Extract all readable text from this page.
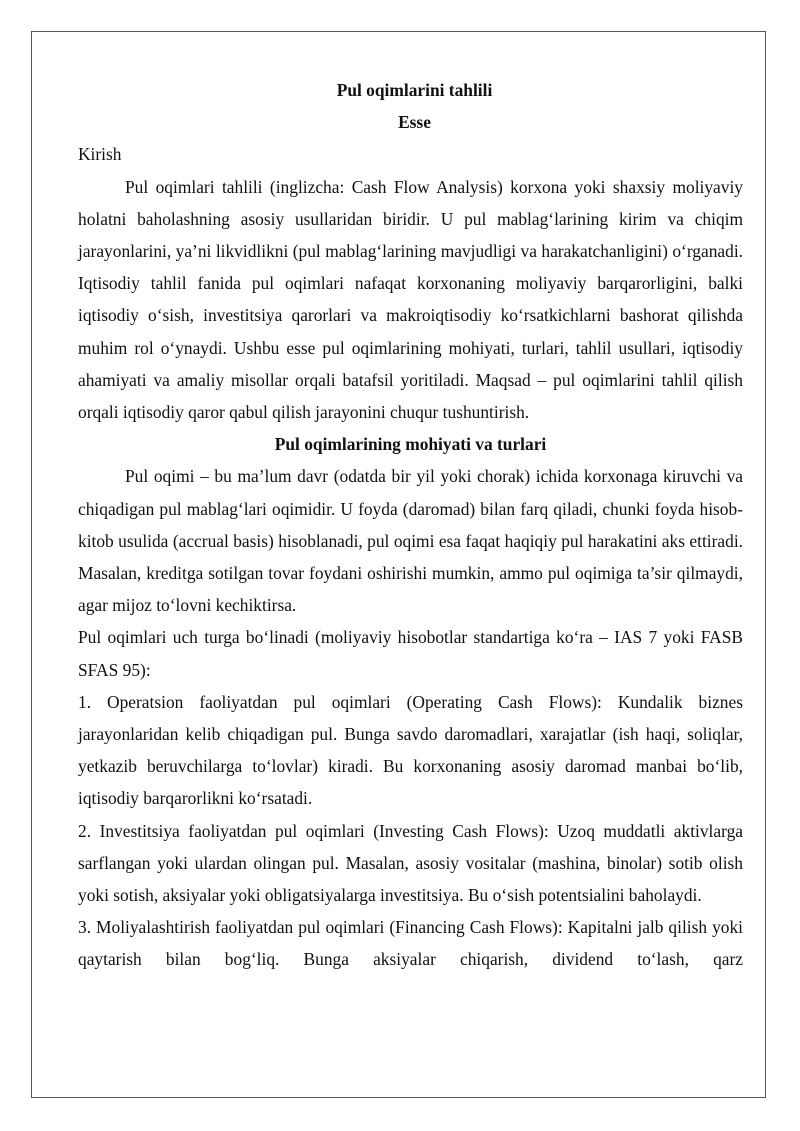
Pul oqimlarini tahlili

Esse

Kirish

Pul oqimlari tahlili (inglizcha: Cash Flow Analysis) korxona yoki shaxsiy moliyaviy holatni baholashning asosiy usullaridan biridir. U pul mablag‘larining kirim va chiqim jarayonlarini, ya’ni likvidlikni (pul mablag‘larining mavjudligi va harakatchanligini) o‘rganadi. Iqtisodiy tahlil fanida pul oqimlari nafaqat korxonaning moliyaviy barqarorligini, balki iqtisodiy o‘sish, investitsiya qarorlari va makroiqtisodiy ko‘rsatkichlarni bashorat qilishda muhim rol o‘ynaydi. Ushbu esse pul oqimlarining mohiyati, turlari, tahlil usullari, iqtisodiy ahamiyati va amaliy misollar orqali batafsil yoritiladi. Maqsad – pul oqimlarini tahlil qilish orqali iqtisodiy qaror qabul qilish jarayonini chuqur tushuntirish.

Pul oqimlarining mohiyati va turlari

Pul oqimi – bu ma’lum davr (odatda bir yil yoki chorak) ichida korxonaga kiruvchi va chiqadigan pul mablag‘lari oqimidir. U foyda (daromad) bilan farq qiladi, chunki foyda hisob-kitob usulida (accrual basis) hisoblanadi, pul oqimi esa faqat haqiqiy pul harakatini aks ettiradi. Masalan, kreditga sotilgan tovar foydani oshirishi mumkin, ammo pul oqimiga ta’sir qilmaydi, agar mijoz to‘lovni kechiktirsa.

Pul oqimlari uch turga bo‘linadi (moliyaviy hisobotlar standartiga ko‘ra – IAS 7 yoki FASB SFAS 95):

1. Operatsion faoliyatdan pul oqimlari (Operating Cash Flows): Kundalik biznes jarayonlaridan kelib chiqadigan pul. Bunga savdo daromadlari, xarajatlar (ish haqi, soliqlar, yetkazib beruvchilarga to‘lovlar) kiradi. Bu korxonaning asosiy daromad manbai bo‘lib, iqtisodiy barqarorlikni ko‘rsatadi.

2. Investitsiya faoliyatdan pul oqimlari (Investing Cash Flows): Uzoq muddatli aktivlarga sarflangan yoki ulardan olingan pul. Masalan, asosiy vositalar (mashina, binolar) sotib olish yoki sotish, aksiyalar yoki obligatsiyalarga investitsiya. Bu o‘sish potentsialini baholaydi.

3. Moliyalashtirish faoliyatdan pul oqimlari (Financing Cash Flows): Kapitalni jalb qilish yoki qaytarish bilan bog‘liq. Bunga aksiyalar chiqarish, dividend to‘lash, qarz
